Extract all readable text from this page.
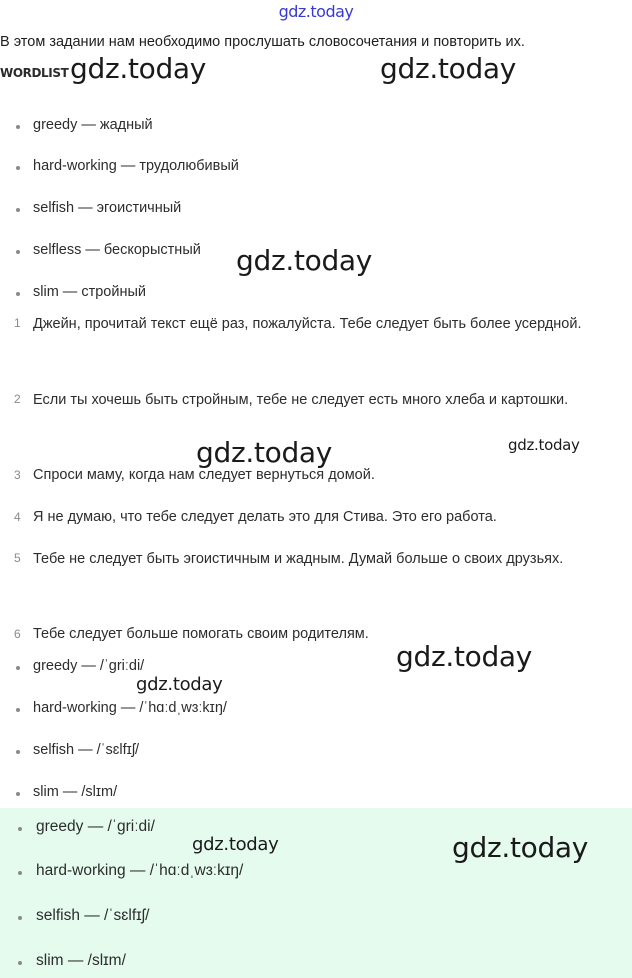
gdz.today
В этом задании нам необходимо прослушать словосочетания и повторить их.
WORDLIST
greedy — жадный
hard-working — трудолюбивый
selfish — эгоистичный
selfless — бескорыстный
slim — стройный
1 Джейн, прочитай текст ещё раз, пожалуйста. Тебе следует быть более усердной.
2 Если ты хочешь быть стройным, тебе не следует есть много хлеба и картошки.
3 Спроси маму, когда нам следует вернуться домой.
4 Я не думаю, что тебе следует делать это для Стива. Это его работа.
5 Тебе не следует быть эгоистичным и жадным. Думай больше о своих друзьях.
6 Тебе следует больше помогать своим родителям.
greedy — /ˈɡriːdi/
hard-working — /ˈhɑːdˌwɜːkɪŋ/
selfish — /ˈsɛlfɪʃ/
slim — /slɪm/
greedy — /ˈɡriːdi/
hard-working — /ˈhɑːdˌwɜːkɪŋ/
selfish — /ˈsɛlfɪʃ/
slim — /slɪm/
gdz.today	gdz.today
gdz.today
gdz.today	gdz.today
gdz.today
gdz.today
gdz.today	gdz.today
